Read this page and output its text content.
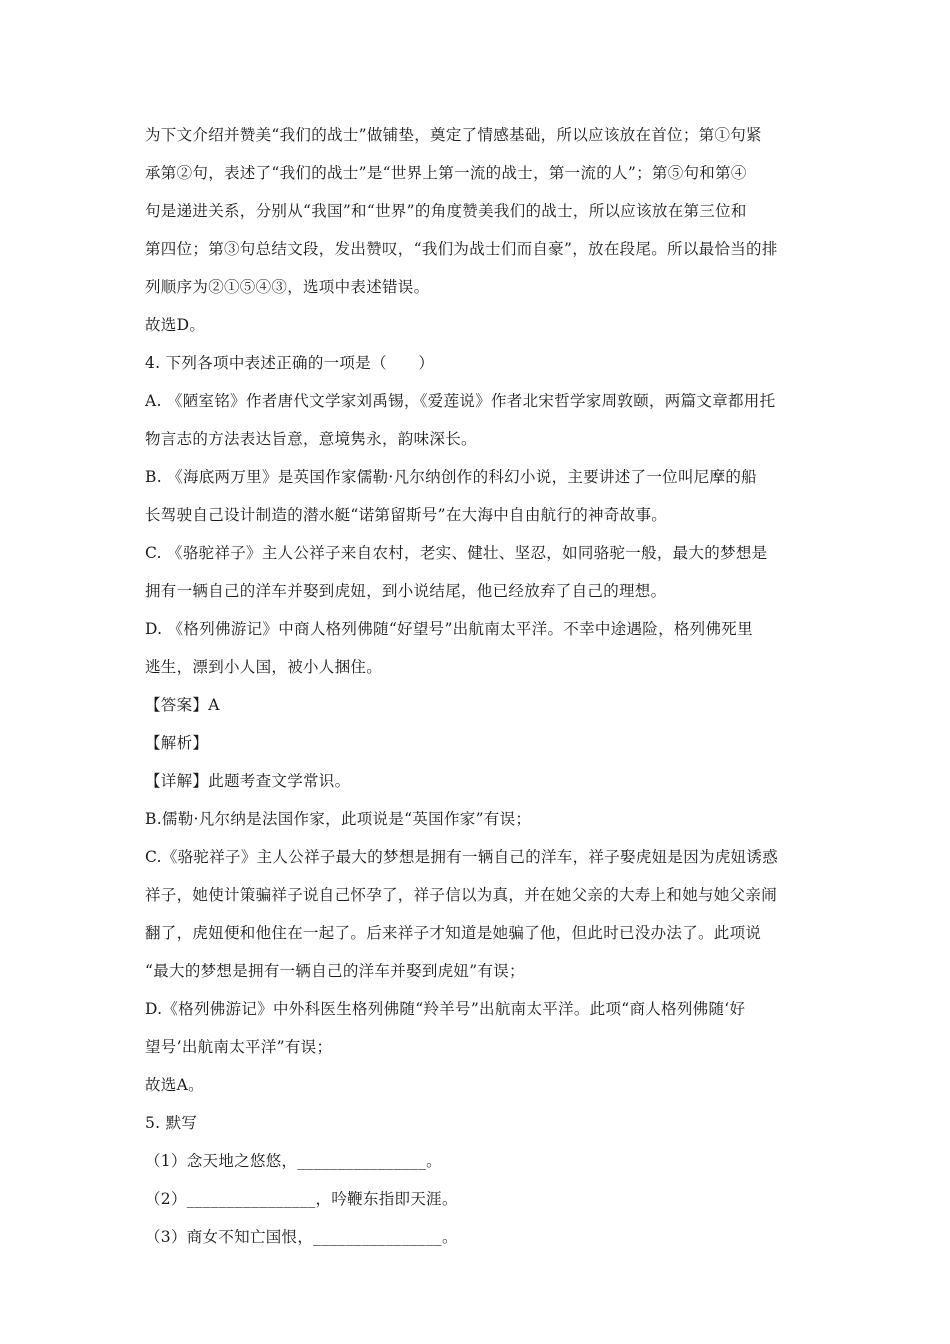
为下文介绍并赞美“我们的战士”做铺垫，奠定了情感基础，所以应该放在首位；第①句紧
承第②句，表述了“我们的战士”是“世界上第一流的战士，第一流的人”；第⑤句和第④
句是递进关系，分别从“我国”和“世界”的角度赞美我们的战士，所以应该放在第三位和
第四位；第③句总结文段，发出赞叹，“我们为战士们而自豪”，放在段尾。所以最恰当的排
列顺序为②①⑤④③，选项中表述错误。
故选D。
4. 下列各项中表述正确的一项是（　　）
A. 《陋室铭》作者唐代文学家刘禹锡，《爱莲说》作者北宋哲学家周敦颐，两篇文章都用托
物言志的方法表达旨意，意境隽永，韵味深长。
B. 《海底两万里》是英国作家儒勒·凡尔纳创作的科幻小说，主要讲述了一位叫尼摩的船
长驾驶自己设计制造的潜水艇“诺第留斯号”在大海中自由航行的神奇故事。
C. 《骆驼祥子》主人公祥子来自农村，老实、健壮、坚忍，如同骆驼一般，最大的梦想是
拥有一辆自己的洋车并娶到虎妞，到小说结尾，他已经放弃了自己的理想。
D. 《格列佛游记》中商人格列佛随“好望号”出航南太平洋。不幸中途遇险，格列佛死里
逃生，漂到小人国，被小人捆住。
【答案】A
【解析】
【详解】此题考查文学常识。
B.儒勒·凡尔纳是法国作家，此项说是“英国作家”有误；
C.《骆驼祥子》主人公祥子最大的梦想是拥有一辆自己的洋车，祥子娶虎妞是因为虎妞诱惑
祥子，她使计策骗祥子说自己怀孕了，祥子信以为真，并在她父亲的大寿上和她与她父亲闹
翻了，虎妞便和他住在一起了。后来祥子才知道是她骗了他，但此时已没办法了。此项说
“最大的梦想是拥有一辆自己的洋车并娶到虎妞”有误；
D.《格列佛游记》中外科医生格列佛随“羚羊号”出航南太平洋。此项“商人格列佛随‘好
望号’出航南太平洋”有误；
故选A。
5. 默写
（1）念天地之悠悠，________________。
（2）________________，吟鞭东指即天涯。
（3）商女不知亡国恨，________________。
